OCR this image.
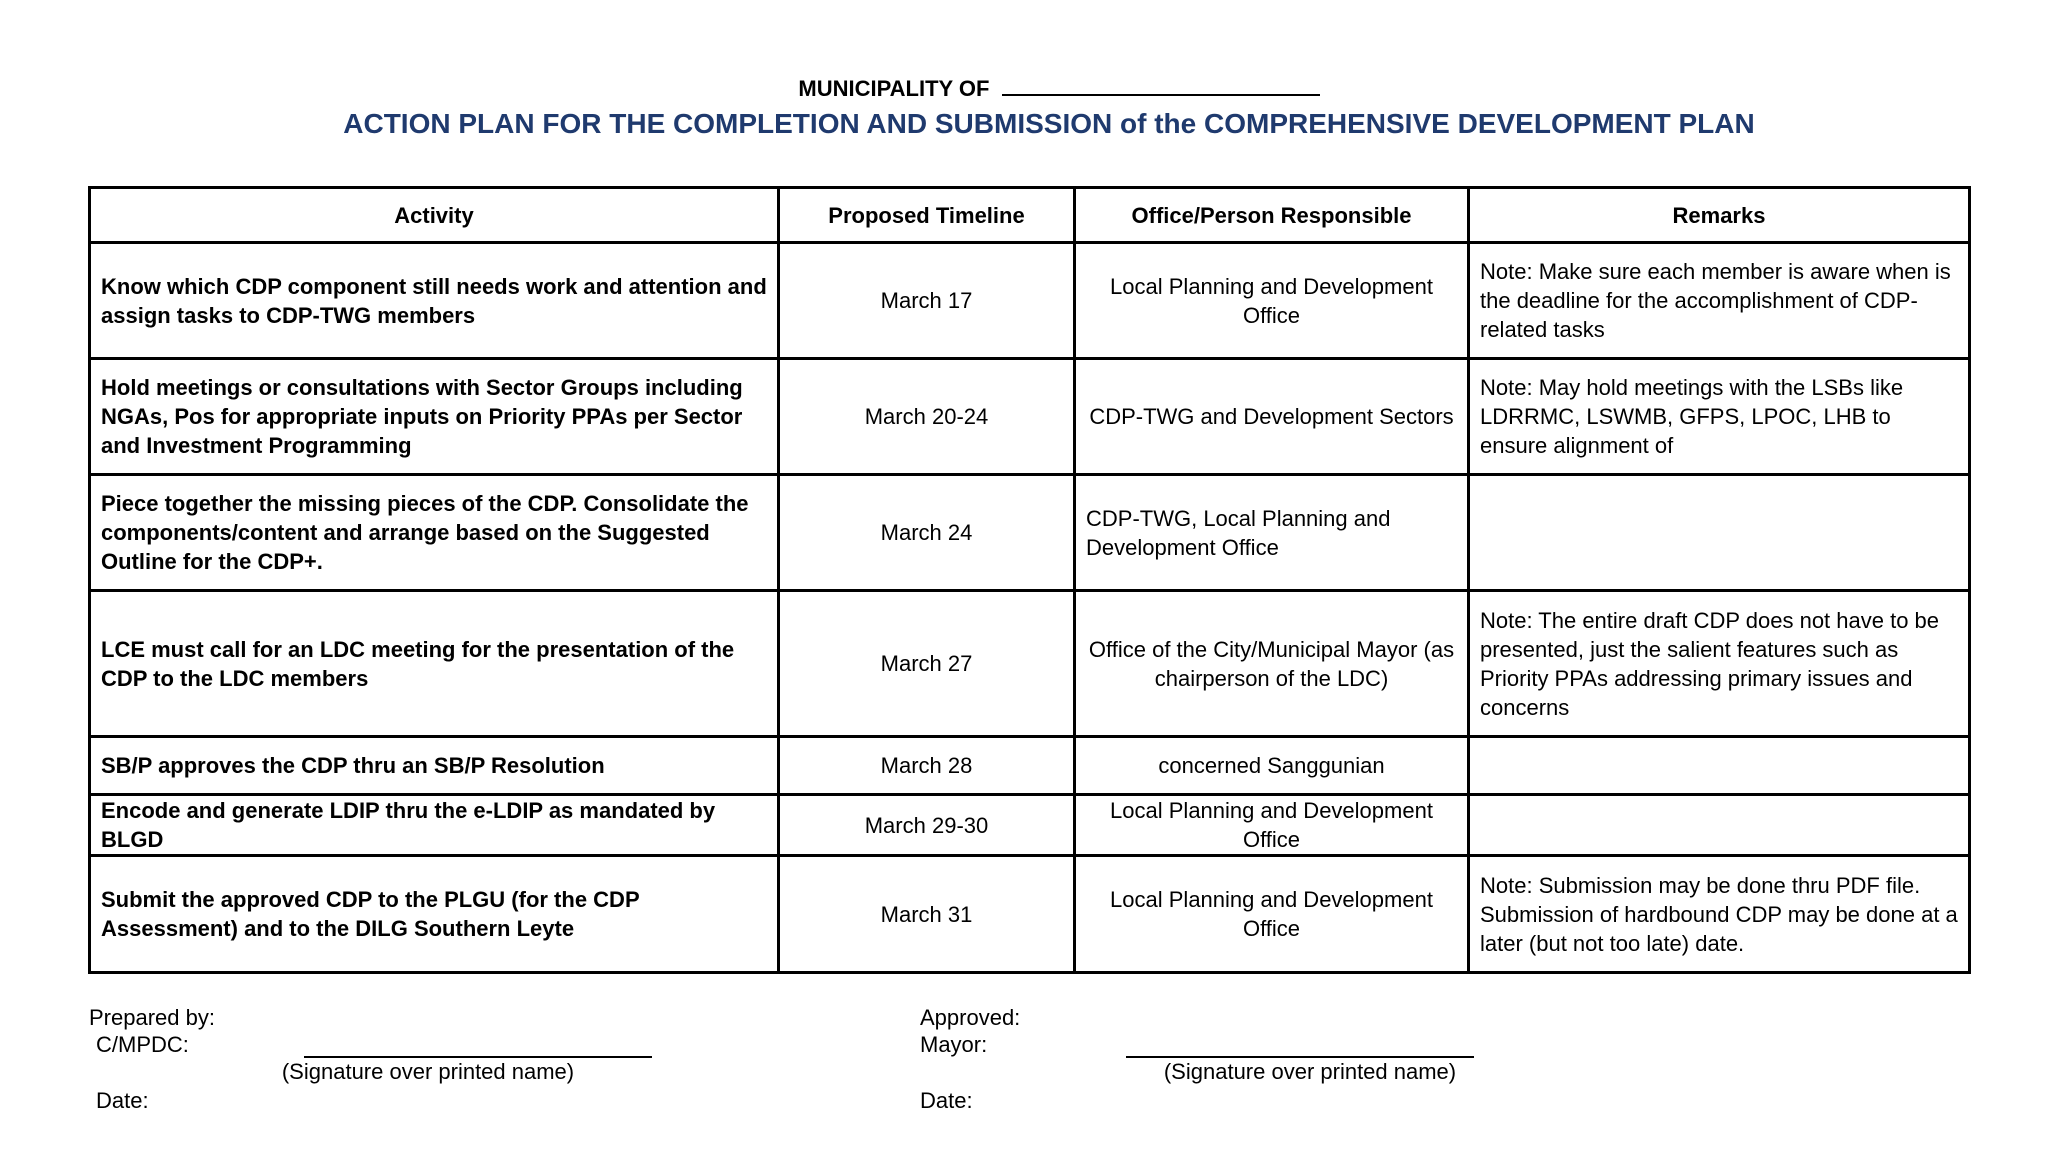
MUNICIPALITY OF
ACTION PLAN FOR THE COMPLETION AND SUBMISSION of the COMPREHENSIVE DEVELOPMENT PLAN
Activity	Proposed Timeline	Office/Person Responsible	Remarks
Know which CDP component still needs work and attention and assign tasks to CDP-TWG members	March 17	Local Planning and Development Office	Note: Make sure each member is aware when is the deadline for the accomplishment of CDP-related tasks
Hold meetings or consultations with Sector Groups including NGAs, Pos for appropriate inputs on Priority PPAs per Sector and Investment Programming	March 20-24	CDP-TWG and Development Sectors	Note: May hold meetings with the LSBs like LDRRMC, LSWMB, GFPS, LPOC, LHB to ensure alignment of
Piece together the missing pieces of the CDP. Consolidate the components/content and arrange based on the Suggested Outline for the CDP+.	March 24	CDP-TWG, Local Planning and Development Office	
LCE must call for an LDC meeting for the presentation of the CDP to the LDC members	March 27	Office of the City/Municipal Mayor (as chairperson of the LDC)	Note: The entire draft CDP does not have to be presented, just the salient features such as Priority PPAs addressing primary issues and concerns
SB/P approves the CDP thru an SB/P Resolution	March 28	concerned Sanggunian	
Encode and generate LDIP thru the e-LDIP as mandated by BLGD	March 29-30	Local Planning and Development Office	
Submit the approved CDP to the PLGU (for the CDP Assessment) and to the DILG Southern Leyte	March 31	Local Planning and Development Office	Note: Submission may be done thru PDF file. Submission of hardbound CDP may be done at a later (but not too late) date.
Prepared by:
C/MPDC:
(Signature over printed name)
Date:
Approved:
Mayor:
(Signature over printed name)
Date:
